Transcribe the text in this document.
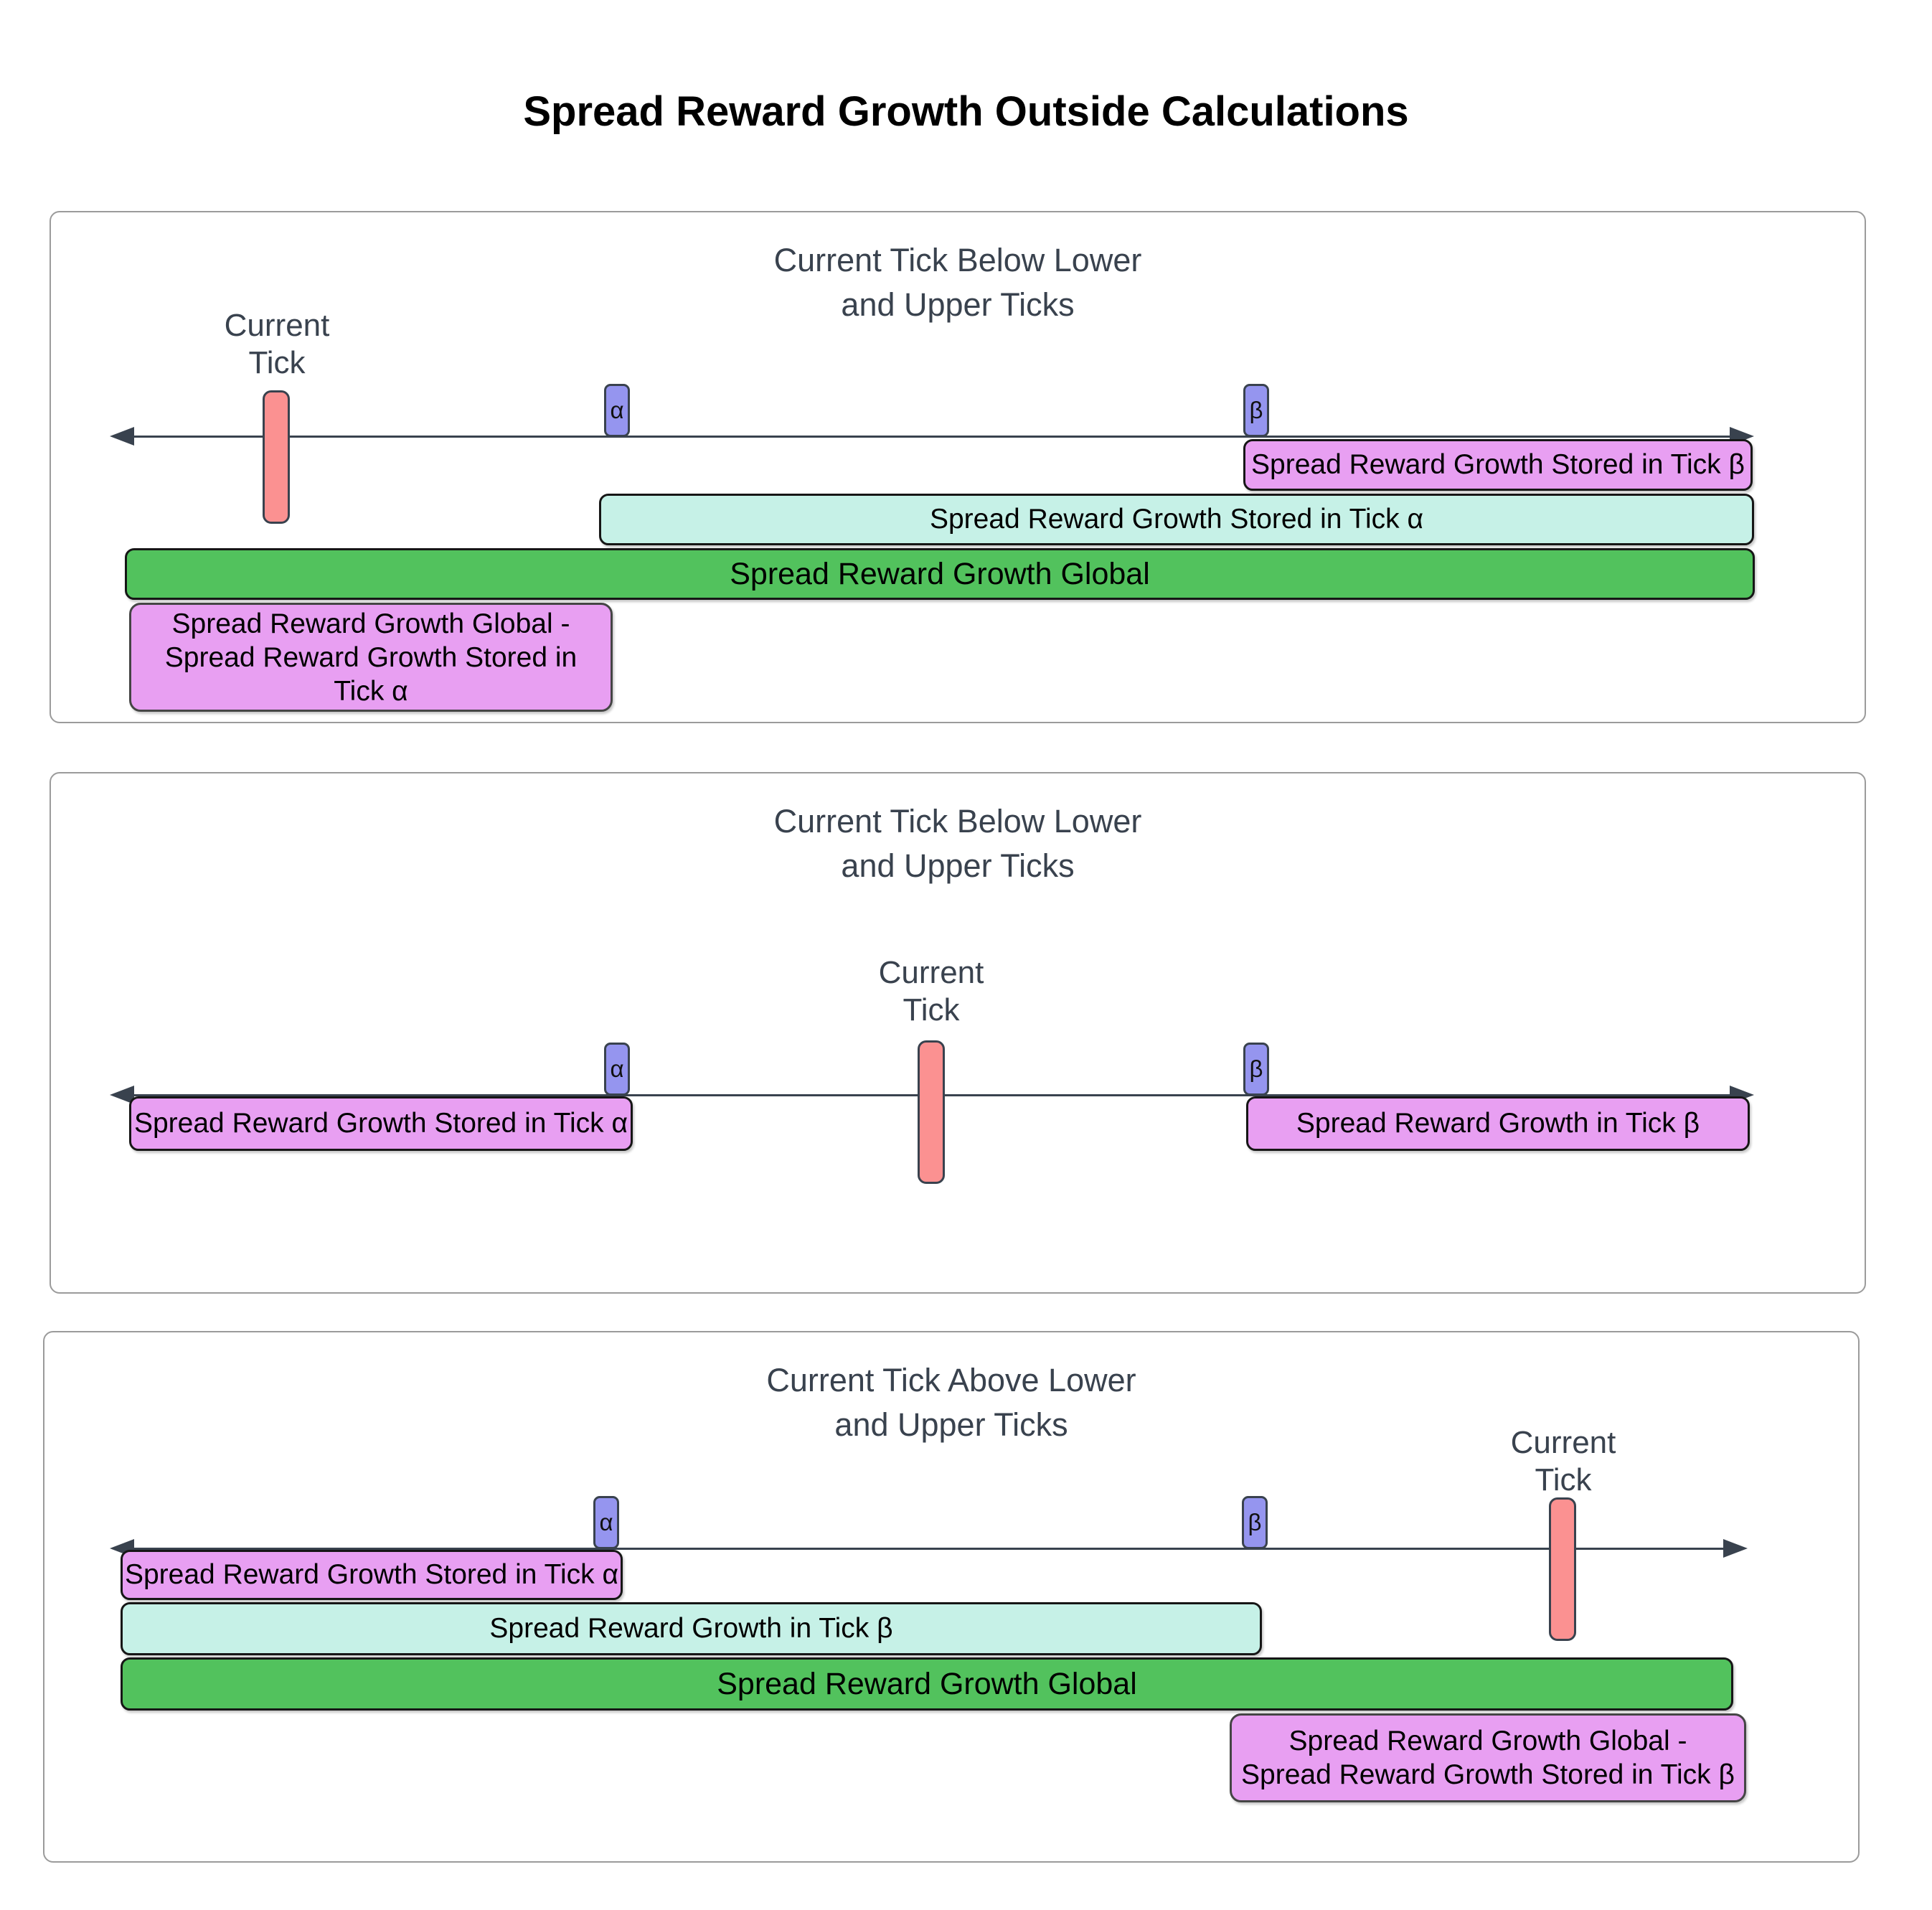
Spread Reward Growth Outside Calculations
Current Tick Below Lower
and Upper Ticks
Current
Tick
α	β
Spread Reward Growth Stored in Tick β
Spread Reward Growth Stored in Tick α
Spread Reward Growth Global
Spread Reward Growth Global - Spread Reward Growth Stored in Tick α
Current Tick Below Lower
and Upper Ticks
Current
Tick
α	β
Spread Reward Growth Stored in Tick α	Spread Reward Growth in Tick β
Current Tick Above Lower
and Upper Ticks	Current
Tick
α	β
Spread Reward Growth Stored in Tick α
Spread Reward Growth in Tick β
Spread Reward Growth Global
Spread Reward Growth Global - Spread Reward Growth Stored in Tick β
